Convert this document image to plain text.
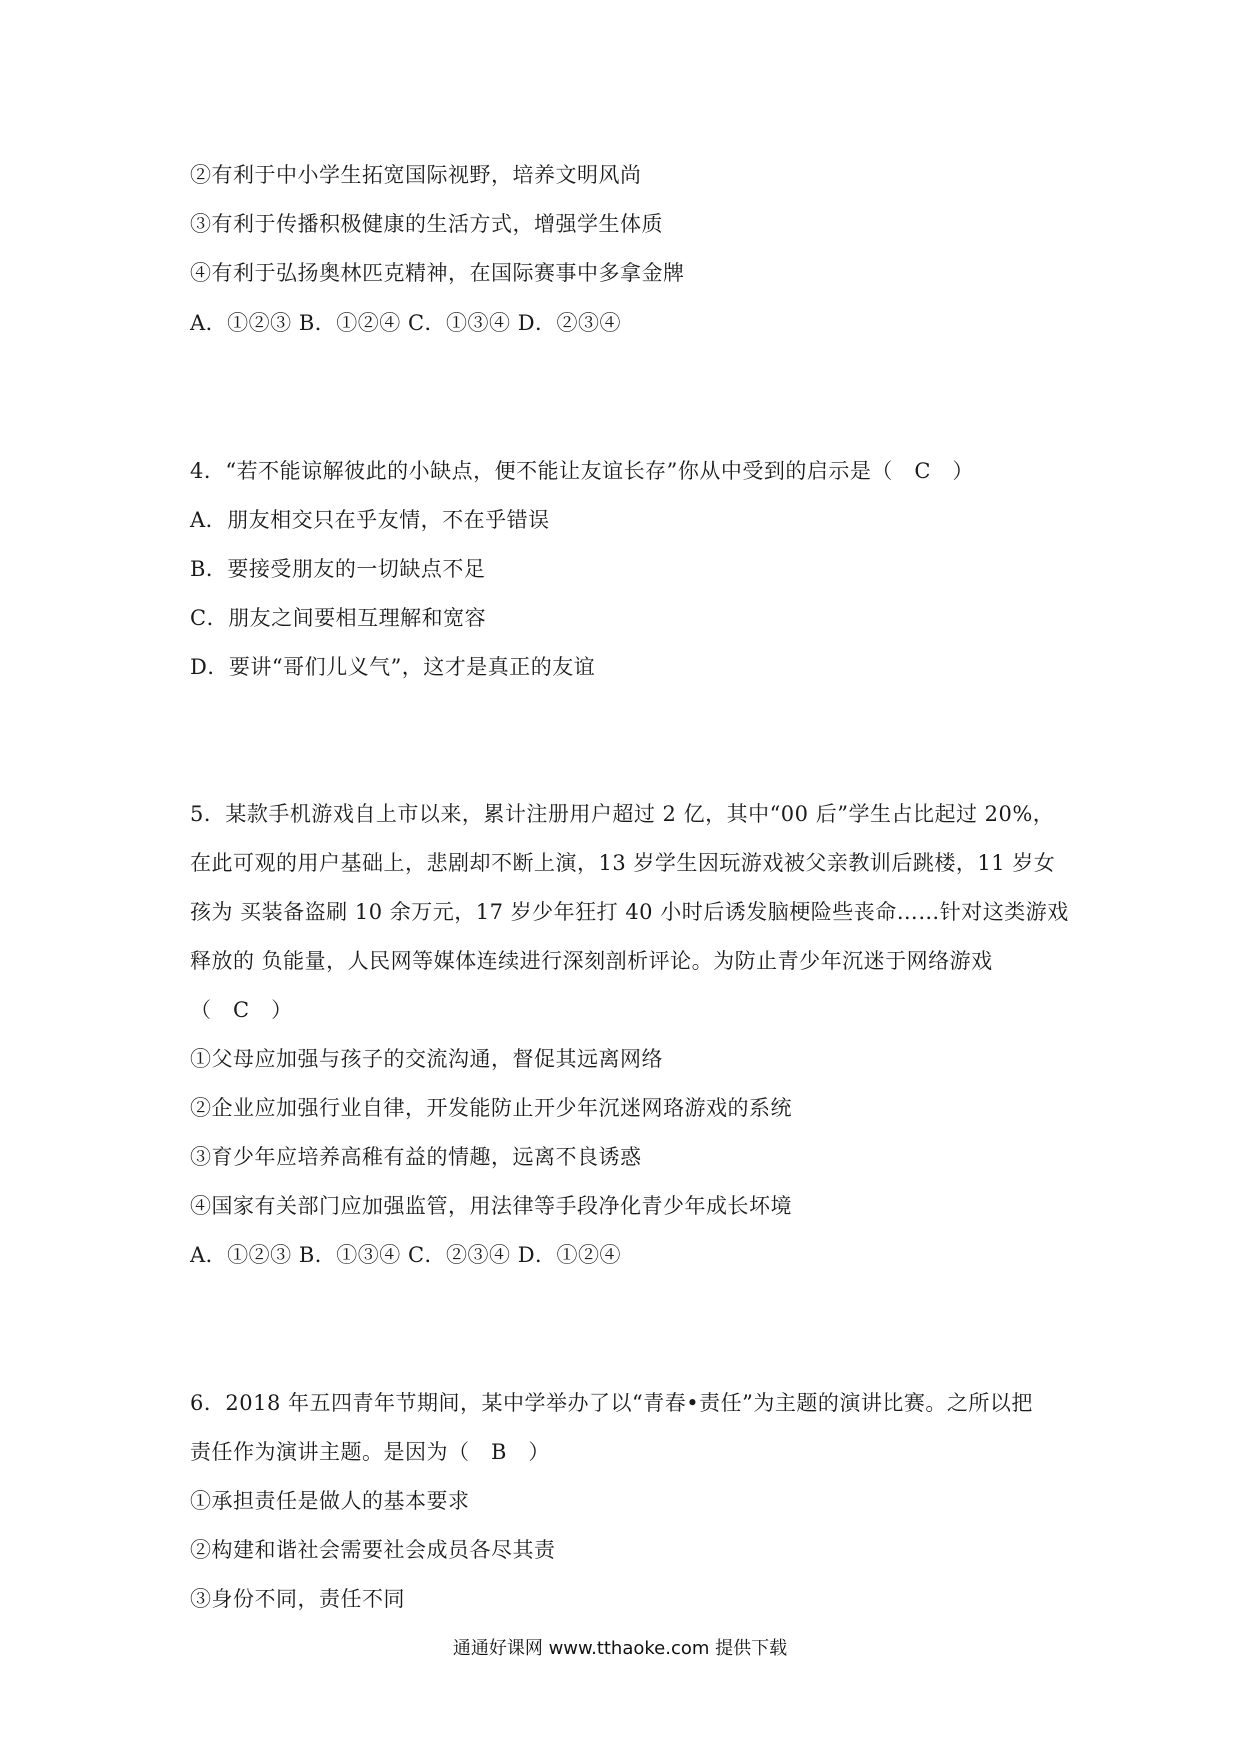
②有利于中小学生拓宽国际视野，培养文明风尚
③有利于传播积极健康的生活方式，增强学生体质
④有利于弘扬奥林匹克精神，在国际赛事中多拿金牌
A．①②③ B．①②④ C．①③④ D．②③④
4．“若不能谅解彼此的小缺点，便不能让友谊长存”你从中受到的启示是（　C　）
A．朋友相交只在乎友情，不在乎错误
B．要接受朋友的一切缺点不足
C．朋友之间要相互理解和宽容
D．要讲“哥们儿义气”，这才是真正的友谊
5．某款手机游戏自上市以来，累计注册用户超过 2 亿，其中“00 后”学生占比起过 20%，
在此可观的用户基础上，悲剧却不断上演，13 岁学生因玩游戏被父亲教训后跳楼，11 岁女
孩为 买装备盗刷 10 余万元，17 岁少年狂打 40 小时后诱发脑梗险些丧命……针对这类游戏
释放的 负能量，人民网等媒体连续进行深刻剖析评论。为防止青少年沉迷于网络游戏
（　C　）
①父母应加强与孩子的交流沟通，督促其远离网络
②企业应加强行业自律，开发能防止开少年沉迷网珞游戏的系统
③育少年应培养高稚有益的情趣，远离不良诱惑
④国家有关部门应加强监管，用法律等手段净化青少年成长坏境
A．①②③ B．①③④ C．②③④ D．①②④
6．2018 年五四青年节期间，某中学举办了以“青春•责任”为主题的演讲比赛。之所以把
责任作为演讲主题。是因为（　B　）
①承担责任是做人的基本要求
②构建和谐社会需要社会成员各尽其责
③身份不同，责任不同
通通好课网 www.tthaoke.com 提供下载
